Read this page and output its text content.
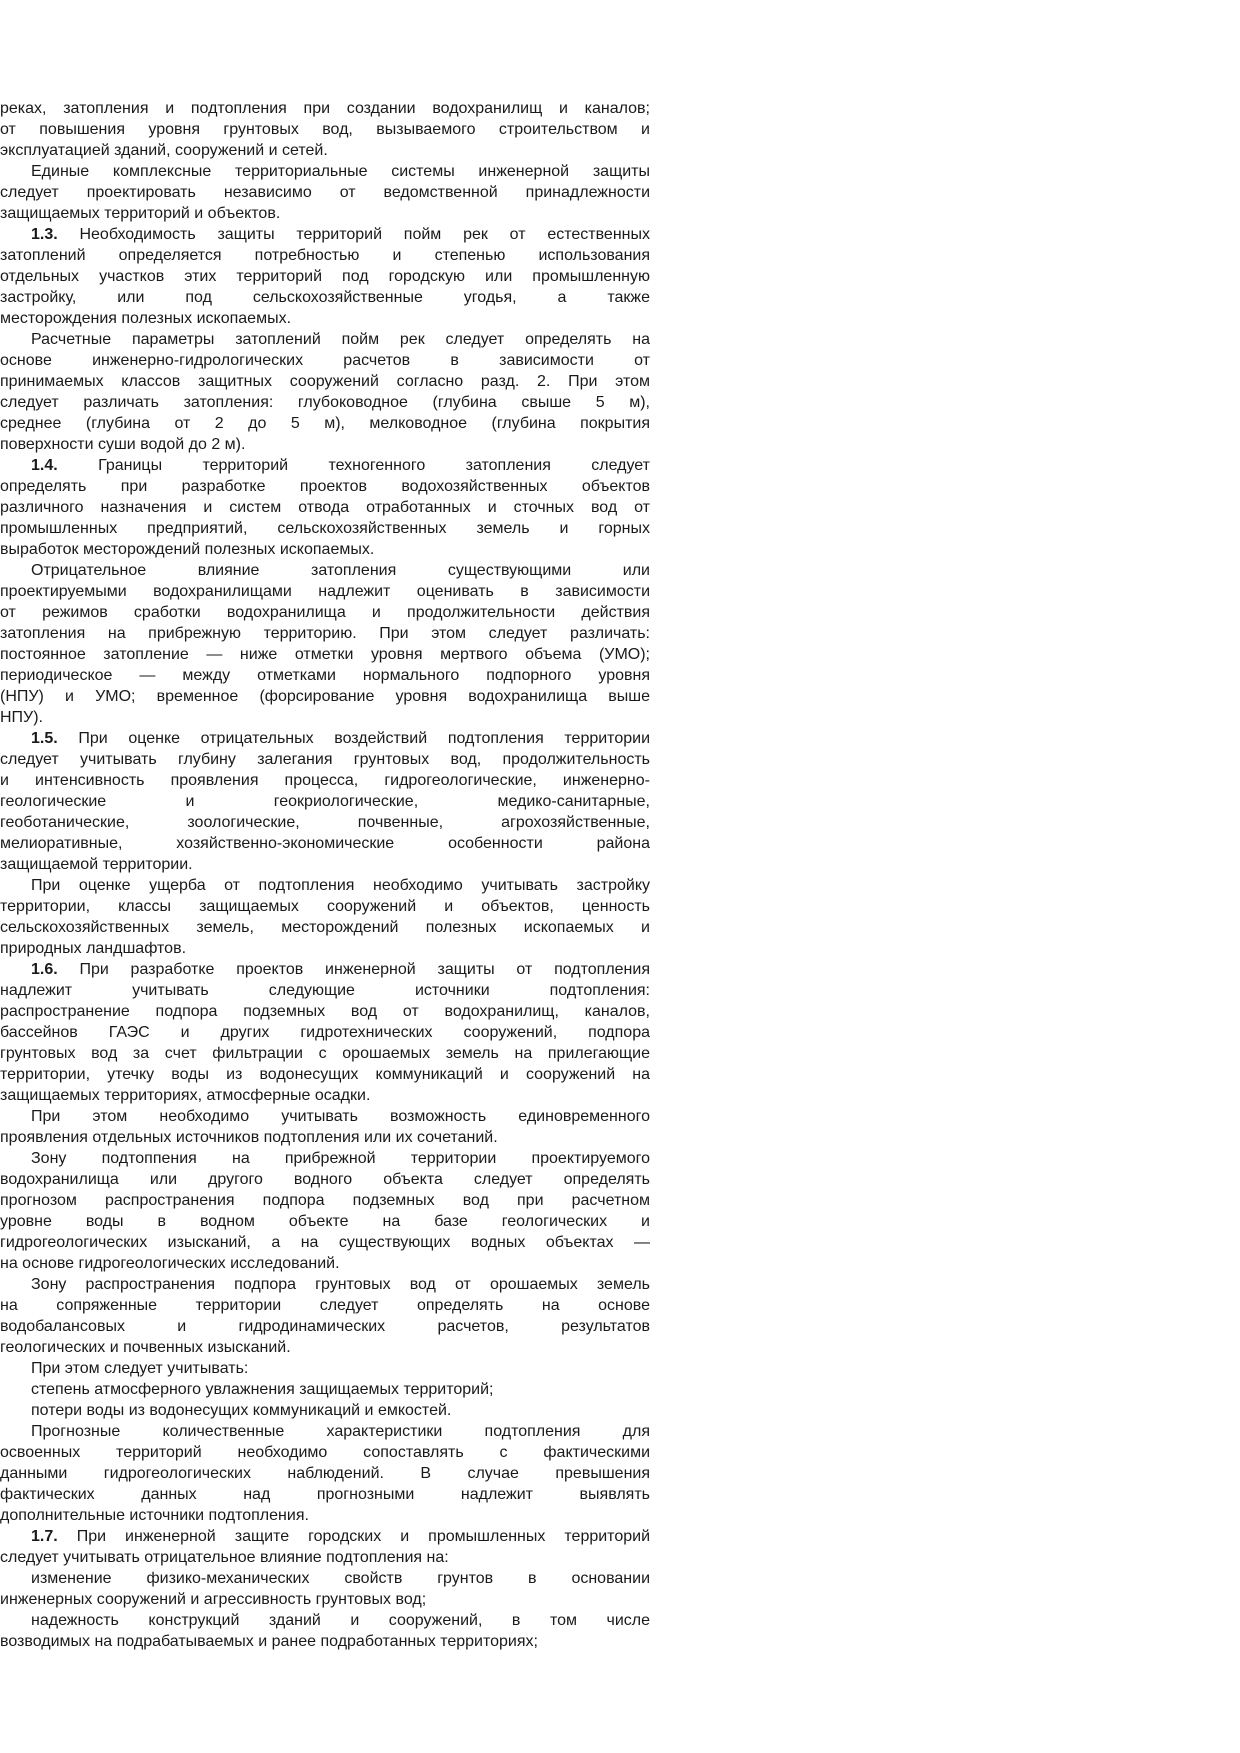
реках, затопления и подтопления при создании водохранилищ и каналов;
от повышения уровня грунтовых вод, вызываемого строительством и
эксплуатацией зданий, сооружений и сетей.
Единые комплексные территориальные системы инженерной защиты
следует проектировать независимо от ведомственной принадлежности
защищаемых территорий и объектов.
1.3. Необходимость защиты территорий пойм рек от естественных
затоплений определяется потребностью и степенью использования
отдельных участков этих территорий под городскую или промышленную
застройку, или под сельскохозяйственные угодья, а также
месторождения полезных ископаемых.
Расчетные параметры затоплений пойм рек следует определять на
основе инженерно-гидрологических расчетов в зависимости от
принимаемых классов защитных сооружений согласно разд. 2. При этом
следует различать затопления: глубоководное (глубина свыше 5 м),
среднее (глубина от 2 до 5 м), мелководное (глубина покрытия
поверхности суши водой до 2 м).
1.4. Границы территорий техногенного затопления следует
определять при разработке проектов водохозяйственных объектов
различного назначения и систем отвода отработанных и сточных вод от
промышленных предприятий, сельскохозяйственных земель и горных
выработок месторождений полезных ископаемых.
Отрицательное влияние затопления существующими или
проектируемыми водохранилищами надлежит оценивать в зависимости
от режимов сработки водохранилища и продолжительности действия
затопления на прибрежную территорию. При этом следует различать:
постоянное затопление — ниже отметки уровня мертвого объема (УМО);
периодическое — между отметками нормального подпорного уровня
(НПУ) и УМО; временное (форсирование уровня водохранилища выше
НПУ).
1.5. При оценке отрицательных воздействий подтопления территории
следует учитывать глубину залегания грунтовых вод, продолжительность
и интенсивность проявления процесса, гидрогеологические, инженерно-
геологические и геокриологические, медико-санитарные,
геоботанические, зоологические, почвенные, агрохозяйственные,
мелиоративные, хозяйственно-экономические особенности района
защищаемой территории.
При оценке ущерба от подтопления необходимо учитывать застройку
территории, классы защищаемых сооружений и объектов, ценность
сельскохозяйственных земель, месторождений полезных ископаемых и
природных ландшафтов.
1.6. При разработке проектов инженерной защиты от подтопления
надлежит учитывать следующие источники подтопления:
распространение подпора подземных вод от водохранилищ, каналов,
бассейнов ГАЭС и других гидротехнических сооружений, подпора
грунтовых вод за счет фильтрации с орошаемых земель на прилегающие
территории, утечку воды из водонесущих коммуникаций и сооружений на
защищаемых территориях, атмосферные осадки.
При этом необходимо учитывать возможность единовременного
проявления отдельных источников подтопления или их сочетаний.
Зону подтоппения на прибрежной территории проектируемого
водохранилища или другого водного объекта следует определять
прогнозом распространения подпора подземных вод при расчетном
уровне воды в водном объекте на базе геологических и
гидрогеологических изысканий, а на существующих водных объектах —
на основе гидрогеологических исследований.
Зону распространения подпора грунтовых вод от орошаемых земель
на сопряженные территории следует определять на основе
водобалансовых и гидродинамических расчетов, результатов
геологических и почвенных изысканий.
При этом следует учитывать:
степень атмосферного увлажнения защищаемых территорий;
потери воды из водонесущих коммуникаций и емкостей.
Прогнозные количественные характеристики подтопления для
освоенных территорий необходимо сопоставлять с фактическими
данными гидрогеологических наблюдений. В случае превышения
фактических данных над прогнозными надлежит выявлять
дополнительные источники подтопления.
1.7. При инженерной защите городских и промышленных территорий
следует учитывать отрицательное влияние подтопления на:
изменение физико-механических свойств грунтов в основании
инженерных сооружений и агрессивность грунтовых вод;
надежность конструкций зданий и сооружений, в том числе
возводимых на подрабатываемых и ранее подработанных территориях;
